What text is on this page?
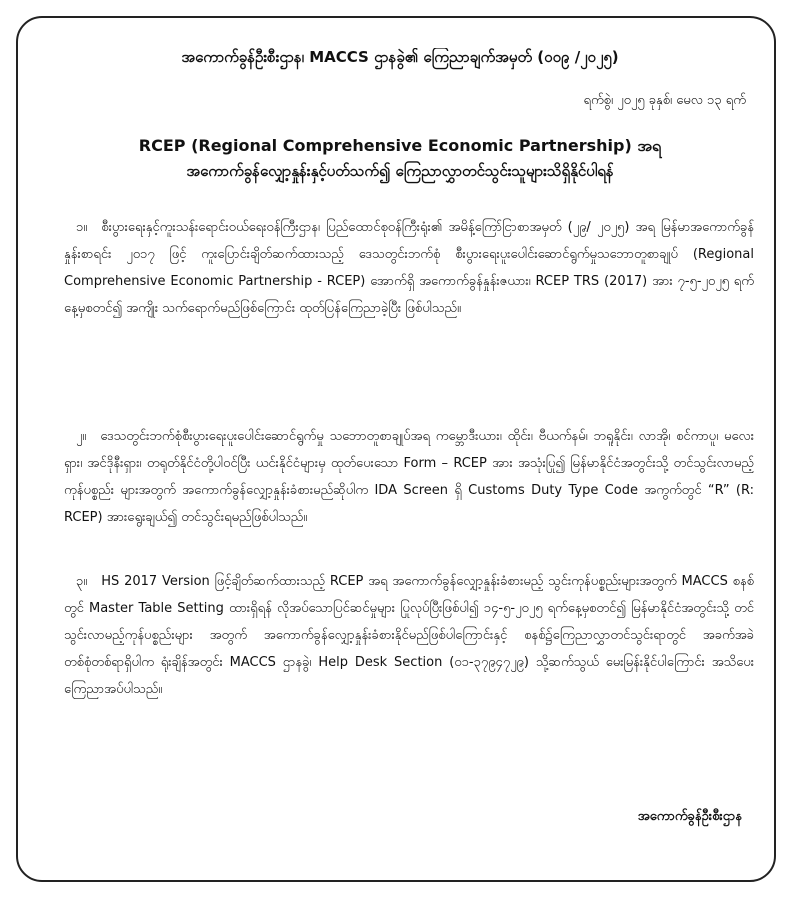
အကောက်ခွန်ဦးစီးဌာန၊ MACCS ဌာနခွဲ၏ ကြေညာချက်အမှတ် (၀၀၉ /၂၀၂၅)
ရက်စွဲ၊ ၂၀၂၅ ခုနှစ်၊ မေလ ၁၃ ရက်
RCEP (Regional Comprehensive Economic Partnership) အရ
အကောက်ခွန်လျှော့နှုန်းနှင့်ပတ်သက်၍ ကြေညာလွှာတင်သွင်းသူများသိရှိနိုင်ပါရန်
၁။ စီးပွားရေးနှင့်ကူးသန်းရောင်းဝယ်ရေးဝန်ကြီးဌာန၊ ပြည်ထောင်စုဝန်ကြီးရုံး၏ အမိန့်ကြော်ငြာစာအမှတ် (၂၉/ ၂၀၂၅) အရ မြန်မာအကောက်ခွန်နှုန်းစာရင်း ၂၀၁၇ ဖြင့် ကူးပြောင်းချိတ်ဆက်ထားသည့် ဒေသတွင်းဘက်စုံ စီးပွားရေးပူးပေါင်းဆောင်ရွက်မှုသဘောတူစာချုပ် (Regional Comprehensive Economic Partnership - RCEP) အောက်ရှိ အကောက်ခွန်နှုန်းဇယား၊ RCEP TRS (2017) အား ၇-၅-၂၀၂၅ ရက်နေ့မှစတင်၍ အကျိုး သက်ရောက်မည်ဖြစ်ကြောင်း ထုတ်ပြန်ကြေညာခဲ့ပြီး ဖြစ်ပါသည်။
၂။ ဒေသတွင်းဘက်စုံစီးပွားရေးပူးပေါင်းဆောင်ရွက်မှု သဘောတူစာချုပ်အရ ကမ္ဘောဒီးယား၊ ထိုင်း၊ ဗီယက်နမ်၊ ဘရူနိုင်း၊ လာအို၊ စင်ကာပူ၊ မလေးရှား၊ အင်ဒိုနီးရှား၊ တရုတ်နိုင်ငံတို့ပါဝင်ပြီး ယင်းနိုင်ငံများမှ ထုတ်ပေးသော Form – RCEP အား အသုံးပြု၍ မြန်မာနိုင်ငံအတွင်းသို့ တင်သွင်းလာမည့် ကုန်ပစ္စည်း များအတွက် အကောက်ခွန်လျှော့နှုန်းခံစားမည်ဆိုပါက IDA Screen ရှိ Customs Duty Type Code အကွက်တွင် “R” (R: RCEP) အားရွေးချယ်၍ တင်သွင်းရမည်ဖြစ်ပါသည်။
၃။ HS 2017 Version ဖြင့်ချိတ်ဆက်ထားသည့် RCEP အရ အကောက်ခွန်လျှော့နှုန်းခံစားမည့် သွင်းကုန်ပစ္စည်းများအတွက် MACCS စနစ်တွင် Master Table Setting ထားရှိရန် လိုအပ်သောပြင်ဆင်မှုများ ပြုလုပ်ပြီးဖြစ်ပါ၍ ၁၄-၅-၂၀၂၅ ရက်နေ့မှစတင်၍ မြန်မာနိုင်ငံအတွင်းသို့ တင်သွင်းလာမည့်ကုန်ပစ္စည်းများ အတွက် အကောက်ခွန်လျှော့နှုန်းခံစားနိုင်မည်ဖြစ်ပါကြောင်းနှင့် စနစ်၌ကြေညာလွှာတင်သွင်းရာတွင် အခက်အခဲ တစ်စုံတစ်ရာရှိပါက ရုံးချိန်အတွင်း MACCS ဌာနခွဲ၊ Help Desk Section (၀၁-၃၇၉၄၇၂၉) သို့ဆက်သွယ် မေးမြန်းနိုင်ပါကြောင်း အသိပေးကြေညာအပ်ပါသည်။
အကောက်ခွန်ဦးစီးဌာန
